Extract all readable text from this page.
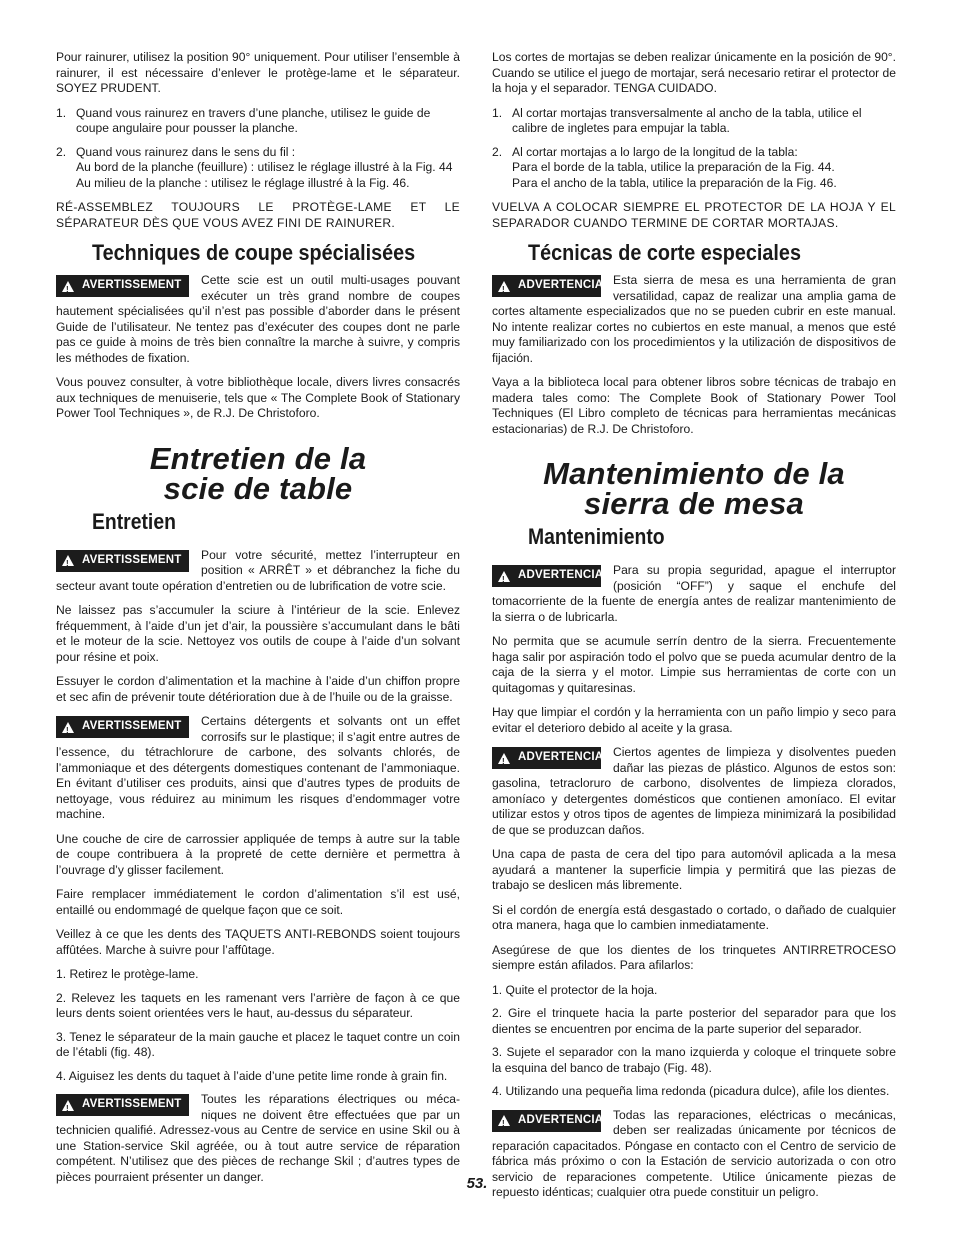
Pour rainurer, utilisez la position 90° uniquement. Pour utiliser l’ensemble à rainurer, il est nécessaire d’enlever le protège-lame et le séparateur. SOYEZ PRUDENT.

1. Quand vous rainurez en travers d’une planche, utilisez le guide de coupe angulaire pour pousser la planche.
2. Quand vous rainurez dans le sens du fil :
Au bord de la planche (feuillure) : utilisez le réglage illustré à la Fig. 44
Au milieu de la planche : utilisez le réglage illustré à la Fig. 46.

RÉ-ASSEMBLEZ TOUJOURS LE PROTÈGE-LAME ET LE SÉPARATEUR DÈS QUE VOUS AVEZ FINI DE RAINURER.

Techniques de coupe spécialisées

!
AVERTISSEMENT Cette scie est un outil multi-usages pouvant exécuter un très grand nombre de coupes hautement spécialisées qu’il n’est pas possible d’aborder dans le présent Guide de l’utilisateur. Ne tentez pas d’exécuter des coupes dont ne parle pas ce guide à moins de très bien connaître la marche à suivre, y compris les méthodes de fixation.

Vous pouvez consulter, à votre bibliothèque locale, divers livres consacrés aux techniques de menuiserie, tels que « The Complete Book of Stationary Power Tool Techniques », de R.J. De Christoforo.

Entretien de la
scie de table
Entretien

!
AVERTISSEMENT Pour votre sécurité, mettez l’interrupteur en position « ARRÊT » et débranchez la fiche du secteur avant toute opération d’entretien ou de lubrification de votre scie.

Ne laissez pas s’accumuler la sciure à l’intérieur de la scie. Enlevez fréquemment, à l’aide d’un jet d’air, la poussière s’accumulant dans le bâti et le moteur de la scie. Nettoyez vos outils de coupe à l’aide d’un solvant pour résine et poix.

Essuyer le cordon d’alimentation et la machine à l’aide d’un chiffon propre et sec afin de prévenir toute détérioration due à de l’huile ou de la graisse.

!
AVERTISSEMENT Certains détergents et solvants ont un effet corrosifs sur le plastique; il s’agit entre autres de l’essence, du tétrachlorure de carbone, des solvants chlorés, de l’ammoniaque et des détergents domestiques contenant de l’ammoniaque. En évitant d’utiliser ces produits, ainsi que d’autres types de produits de nettoyage, vous réduirez au minimum les risques d’endommager votre machine.

Une couche de cire de carrossier appliquée de temps à autre sur la table de coupe contribuera à la propreté de cette dernière et permettra à l’ouvrage d’y glisser facilement.

Faire remplacer immédiatement le cordon d’alimentation s’il est usé, entaillé ou endommagé de quelque façon que ce soit.

Veillez à ce que les dents des TAQUETS ANTI-REBONDS soient toujours affûtées. Marche à suivre pour l’affûtage.

1. Retirez le protège-lame.

2. Relevez les taquets en les ramenant vers l’arrière de façon à ce que leurs dents soient orientées vers le haut, au-dessus du séparateur.

3. Tenez le séparateur de la main gauche et placez le taquet contre un coin de l’établi (fig. 48).

4. Aiguisez les dents du taquet à l’aide d’une petite lime ronde à grain fin.

!
AVERTISSEMENT Toutes les réparations électriques ou méca-niques ne doivent être effectuées que par un technicien qualifié. Adressez-vous au Centre de service en usine Skil ou à une Station-service Skil agréée, ou à tout autre service de réparation compétent. N’utilisez que des pièces de rechange Skil ; d’autres types de pièces pourraient présenter un danger.

Los cortes de mortajas se deben realizar únicamente en la posición de 90°. Cuando se utilice el juego de mortajar, será necesario retirar el protector de la hoja y el separador. TENGA CUIDADO.

1. Al cortar mortajas transversalmente al ancho de la tabla, utilice el calibre de ingletes para empujar la tabla.
2. Al cortar mortajas a lo largo de la longitud de la tabla:
Para el borde de la tabla, utilice la preparación de la Fig. 44.
Para el ancho de la tabla, utilice la preparación de la Fig. 46.

VUELVA A COLOCAR SIEMPRE EL PROTECTOR DE LA HOJA Y EL SEPARADOR CUANDO TERMINE DE CORTAR MORTAJAS.

Técnicas de corte especiales

!
ADVERTENCIA Esta sierra de mesa es una herramienta de gran versatilidad, capaz de realizar una amplia gama de cortes altamente especializados que no se pueden cubrir en este manual. No intente realizar cortes no cubiertos en este manual, a menos que esté muy familiarizado con los procedimientos y la utilización de dispositivos de fijación.

Vaya a la biblioteca local para obtener libros sobre técnicas de trabajo en madera tales como: The Complete Book of Stationary Power Tool Techniques (El Libro completo de técnicas para herramientas mecánicas estacionarias) de R.J. De Christoforo.

Mantenimiento de la
sierra de mesa
Mantenimiento

!
ADVERTENCIA Para su propia seguridad, apague el interruptor (posición “OFF”) y saque el enchufe del tomacorriente de la fuente de energía antes de realizar mantenimiento de la sierra o de lubricarla.

No permita que se acumule serrín dentro de la sierra. Frecuentemente haga salir por aspiración todo el polvo que se pueda acumular dentro de la caja de la sierra y el motor. Limpie sus herramientas de corte con un quitagomas y quitaresinas.

Hay que limpiar el cordón y la herramienta con un paño limpio y seco para evitar el deterioro debido al aceite y la grasa.

!
ADVERTENCIA Ciertos agentes de limpieza y disolventes pueden dañar las piezas de plástico. Algunos de estos son: gasolina, tetracloruro de carbono, disolventes de limpieza clorados, amoníaco y detergentes domésticos que contienen amoníaco. El evitar utilizar estos y otros tipos de agentes de limpieza minimizará la posibilidad de que se produzcan daños.

Una capa de pasta de cera del tipo para automóvil aplicada a la mesa ayudará a mantener la superficie limpia y permitirá que las piezas de trabajo se deslicen más libremente.

Si el cordón de energía está desgastado o cortado, o dañado de cualquier otra manera, haga que lo cambien inmediatamente.

Asegúrese de que los dientes de los trinquetes ANTIRRETROCESO siempre están afilados. Para afilarlos:

1. Quite el protector de la hoja.

2. Gire el trinquete hacia la parte posterior del separador para que los dientes se encuentren por encima de la parte superior del separador.

3. Sujete el separador con la mano izquierda y coloque el trinquete sobre la esquina del banco de trabajo (Fig. 48).

4. Utilizando una pequeña lima redonda (picadura dulce), afile los dientes.

!
ADVERTENCIA Todas las reparaciones, eléctricas o mecánicas, deben ser realizadas únicamente por técnicos de reparación capacitados. Póngase en contacto con el Centro de servicio de fábrica más próximo o con la Estación de servicio autorizada o con otro servicio de reparaciones competente. Utilice únicamente piezas de repuesto idénticas; cualquier otra puede constituir un peligro.

53.
